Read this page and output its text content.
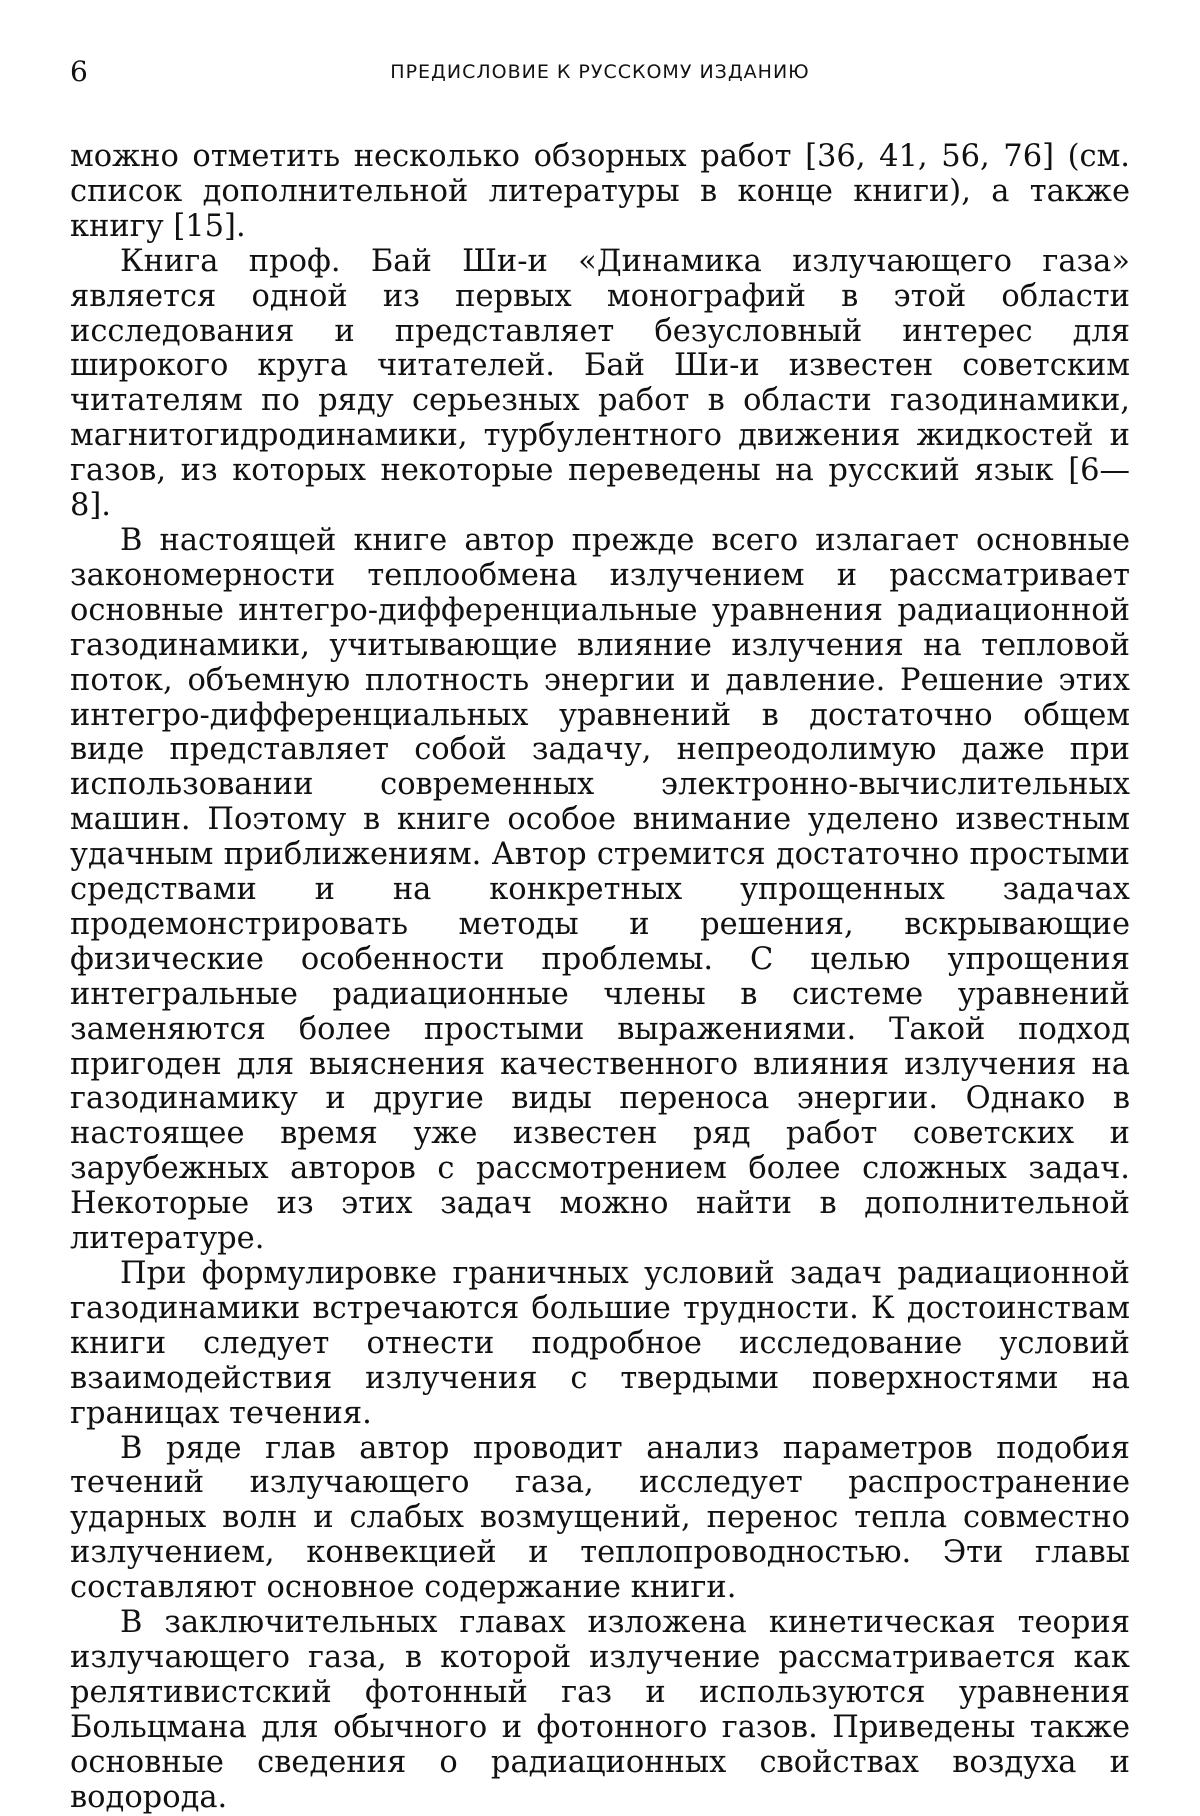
6	ПРЕДИСЛОВИЕ К РУССКОМУ ИЗДАНИЮ

можно отметить несколько обзорных работ [36, 41, 56, 76] (см. список дополнительной литературы в конце книги), а также книгу [15].

Книга проф. Бай Ши-и «Динамика излучающего газа» является одной из первых монографий в этой области исследования и представляет безусловный интерес для широкого круга читателей. Бай Ши-и известен советским читателям по ряду серьезных работ в области газодинамики, магнитогидродинамики, турбулентного движения жидкостей и газов, из которых некоторые переведены на русский язык [6—8].

В настоящей книге автор прежде всего излагает основные закономерности теплообмена излучением и рассматривает основные интегро-дифференциальные уравнения радиационной газодинамики, учитывающие влияние излучения на тепловой поток, объемную плотность энергии и давление. Решение этих интегро-дифференциальных уравнений в достаточно общем виде представляет собой задачу, непреодолимую даже при использовании современных электронно-вычислительных машин. Поэтому в книге особое внимание уделено известным удачным приближениям. Автор стремится достаточно простыми средствами и на конкретных упрощенных задачах продемонстрировать методы и решения, вскрывающие физические особенности проблемы. С целью упрощения интегральные радиационные члены в системе уравнений заменяются более простыми выражениями. Такой подход пригоден для выяснения качественного влияния излучения на газодинамику и другие виды переноса энергии. Однако в настоящее время уже известен ряд работ советских и зарубежных авторов с рассмотрением более сложных задач. Некоторые из этих задач можно найти в дополнительной литературе.

При формулировке граничных условий задач радиационной газодинамики встречаются большие трудности. К достоинствам книги следует отнести подробное исследование условий взаимодействия излучения с твердыми поверхностями на границах течения.

В ряде глав автор проводит анализ параметров подобия течений излучающего газа, исследует распространение ударных волн и слабых возмущений, перенос тепла совместно излучением, конвекцией и теплопроводностью. Эти главы составляют основное содержание книги.

В заключительных главах изложена кинетическая теория излучающего газа, в которой излучение рассматривается как релятивистский фотонный газ и используются уравнения Больцмана для обычного и фотонного газов. Приведены также основные сведения о радиационных свойствах воздуха и водорода.
